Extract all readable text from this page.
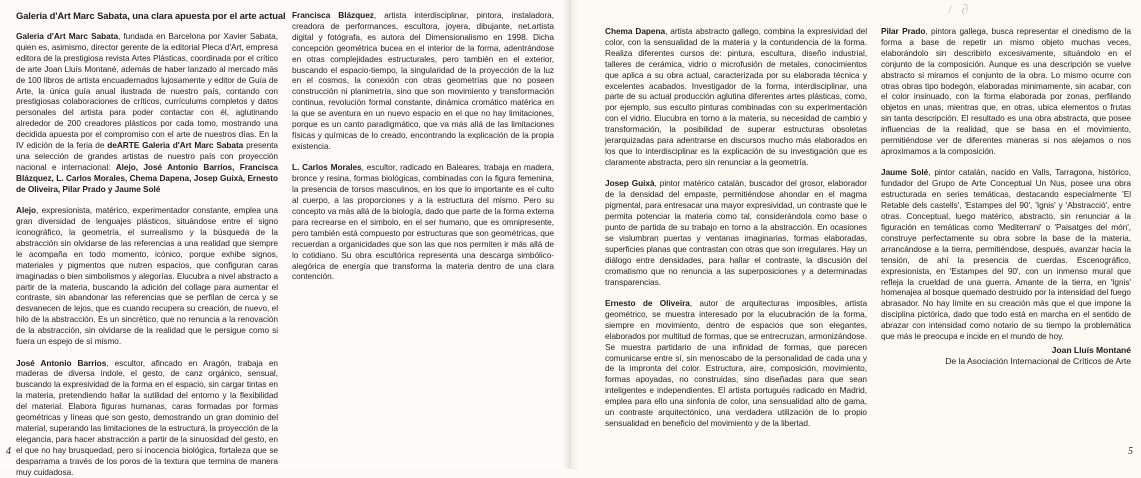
Galeria d'Art Marc Sabata, una clara apuesta por el arte actual

Galeria d'Art Marc Sabata, fundada en Barcelona por Xavier Sabata, quien es, asimismo, director gerente de la editorial Pleca d'Art, empresa editora de la prestigiosa revista Artes Plásticas, coordinada por el crítico de arte Joan Lluís Montané, además de haber lanzado al mercado más de 100 libros de artista encuadernados lujosamente y editor de Guía de Arte, la única guía anual ilustrada de nuestro país, contando con prestigiosas colaboraciones de críticos, currículums completos y datos personales del artista para poder contactar con él, aglutinando alrededor de 200 creadores plásticos por cada tomo, mostrando una decidida apuesta por el compromiso con el arte de nuestros días. En la IV edición de la feria de deARTE Galeria d'Art Marc Sabata presenta una selección de grandes artistas de nuestro país con proyección nacional e internacional: Alejo, José Antonio Barrios, Francisca Blázquez, L. Carlos Morales, Chema Dapena, Josep Guixà, Ernesto de Oliveira, Pilar Prado y Jaume Solé

Alejo, expresionista, matérico, experimentador constante, emplea una gran diversidad de lenguajes plásticos, situándose entre el signo iconográfico, la geometría, el surrealismo y la búsqueda de la abstracción sin olvidarse de las referencias a una realidad que siempre le acompaña en todo momento, icónico, porque exhibe signos, materiales y pigmentos que nutren espacios, que configuran caras imaginadas o bien simbolismos y alegorías. Elucubra a nivel abstracto a partir de la materia, buscando la adición del collage para aumentar el contraste, sin abandonar las referencias que se perfilan de cerca y se desvanecen de lejos, que es cuando recupera su creación, de nuevo, el hilo de la abstracción. Es un sincrético, que no renuncia a la renovación de la abstracción, sin olvidarse de la realidad que le persigue como si fuera un espejo de sí mismo.

José Antonio Barrios, escultor, afincado en Aragón, trabaja en maderas de diversa índole, el gesto, de canz orgánico, sensual, buscando la expresividad de la forma en el espacio, sin cargar tintas en la materia, pretendiendo hallar la sutilidad del entorno y la flexibilidad del material. Elabora figuras humanas, caras formadas por formas geométricas y líneas que son gesto, demostrando un gran dominio del material, superando las limitaciones de la estructura, la proyección de la elegancia, para hacer abstracción a partir de la sinuosidad del gesto, en el que no hay brusquedad, pero sí inocencia biológica, fortaleza que se desparrama a través de los poros de la textura que termina de manera muy cuidadosa.

Francisca Blázquez, artista interdisciplinar, pintora, instaladora, creadora de performances, escultora, joyera, dibujante, net.artista digital y fotógrafa, es autora del Dimensionalismo en 1998. Dicha concepción geométrica bucea en el interior de la forma, adentrándose en otras complejidades estructurales, pero también en el exterior, buscando el espacio-tiempo, la singularidad de la proyección de la luz en el cosmos, la conexión con otras geometrías que no poseen construcción ni planimetría, sino que son movimiento y transformación continua, revolución formal constante, dinámica cromático matérica en la que se aventura en un nuevo espacio en el que no hay limitaciones, porque es un canto paradigmático, que va más allá de las limitaciones físicas y químicas de lo creado, encontrando la explicación de la propia existencia.

L. Carlos Morales, escultor, radicado en Baleares, trabaja en madera, bronce y resina, formas biológicas, combinadas con la figura femenina, la presencia de torsos masculinos, en los que lo importante es el culto al cuerpo, a las proporciones y a la estructura del mismo. Pero su concepto va más allá de la biología, dado que parte de la forma externa para recrearse en el simbolo, en el ser humano, que es omnipresente, pero también está compuesto por estructuras que son geométricas, que recuerdan a organicidades que son las que nos permiten ir más allá de lo cotidiano. Su obra escultórica representa una descarga simbólico-alegórica de energía que transforma la materia dentro de una clara contención.

4	5
/ ∂

Chema Dapena, artista abstracto gallego, combina la expresividad del color, con la sensualidad de la materia y la contundencia de la forma. Realiza diferentes cursos de: pintura, escultura, diseño industrial, talleres de cerámica, vidrio o microfusión de metales, conocimientos que aplica a su obra actual, caracterizada por su elaborada técnica y excelentes acabados. Investigador de la forma, interdisciplinar, una parte de su actual producción aglutina diferentes artes plásticas, como, por ejemplo, sus esculto pinturas combinadas con su experimentación con el vidrio. Elucubra en torno a la materia, su necesidad de cambio y transformación, la posibilidad de superar estructuras obsoletas jerarquizadas para adentrarse en discursos mucho más elaborados en los que lo interdisciplinar es la explicación de su investigación que es claramente abstracta, pero sin renunciar a la geometría.

Josep Guixà, pintor matérico catalán, buscador del grosor, elaborador de la densidad del empaste, permitiéndose ahondar en el magma pigmental, para entresacar una mayor expresividad, un contraste que le permita potenciar la materia como tal, considerándola como base o punto de partida de su trabajo en torno a la abstracción. En ocasiones se vislumbran puertas y ventanas imaginarias, formas elaboradas, superficies planas que contrastan con otras que son irregulares. Hay un diálogo entre densidades, para hallar el contraste, la discusión del cromatismo que no renuncia a las superposiciones y a determinadas transparencias.

Ernesto de Oliveira, autor de arquitecturas imposibles, artista geométrico, se muestra interesado por la elucubración de la forma, siempre en movimiento, dentro de espacios que son elegantes, elaborados por multitud de formas, que se entrecruzan, armonizándose. Se muestra partidario de una infinidad de formas, que parecen comunicarse entre sí, sin menoscabo de la personalidad de cada una y de la impronta del color. Estructura, aire, composición, movimiento, formas apoyadas, no construidas, sino diseñadas para que sean inteligentes e independientes. El artista portugués radicado en Madrid, emplea para ello una sinfonía de color, una sensualidad alto de gama, un contraste arquitectónico, una verdadera utilización de lo propio sensualidad en beneficio del movimiento y de la libertad.

Pilar Prado, pintora gallega, busca representar el cinedismo de la forma a base de repetir un mismo objeto muchas veces, elaborándolo sin describirlo excesivamente, situándolo en el conjunto de la composición. Aunque es una descripción se vuelve abstracto si miramos el conjunto de la obra. Lo mismo ocurre con otras obras tipo bodegón, elaboradas minimamente, sin acabar, con el color insinuado, con la forma elaborada por zonas, perfilando objetos en unas, mientras que, en otras, ubica elementos o frutas sin tanta descripción. El resultado es una obra abstracta, que posee influencias de la realidad, que se basa en el movimiento, permitiéndose ver de diferentes maneras si nos alejamos o nos aproximamos a la composición.

Jaume Solé, pintor catalán, nacido en Valls, Tarragona, histórico, fundador del Grupo de Arte Conceptual Un Nus, posee una obra estructurada en series temáticas, destacando especialmente 'El Retable dels castells', 'Estampes del 90', 'Ignis' y 'Abstracció', entre otras. Conceptual, luego matérico, abstracto, sin renunciar a la figuración en temáticas como 'Mediterrani' o 'Paisatges del món', construye perfectamente su obra sobre la base de la materia, arrancándose a la tierra, permitiéndose, después, avanzar hacia la tensión, de ahí la presencia de cuerdas. Escenográfico, expresionista, en 'Estampes del 90', con un inmenso mural que refleja la crueldad de una guerra. Amante de la tierra, en 'Ignis' homenajea al bosque quemado destruido por la intensidad del fuego abrasador. No hay límite en su creación más que el que impone la disciplina pictórica, dado que todo está en marcha en el sentido de abrazar con intensidad como notario de su tiempo la problemática que más le preocupa e incide en el mundo de hoy.

Joan Lluís Montané
De la Asociación Internacional de Críticos de Arte
